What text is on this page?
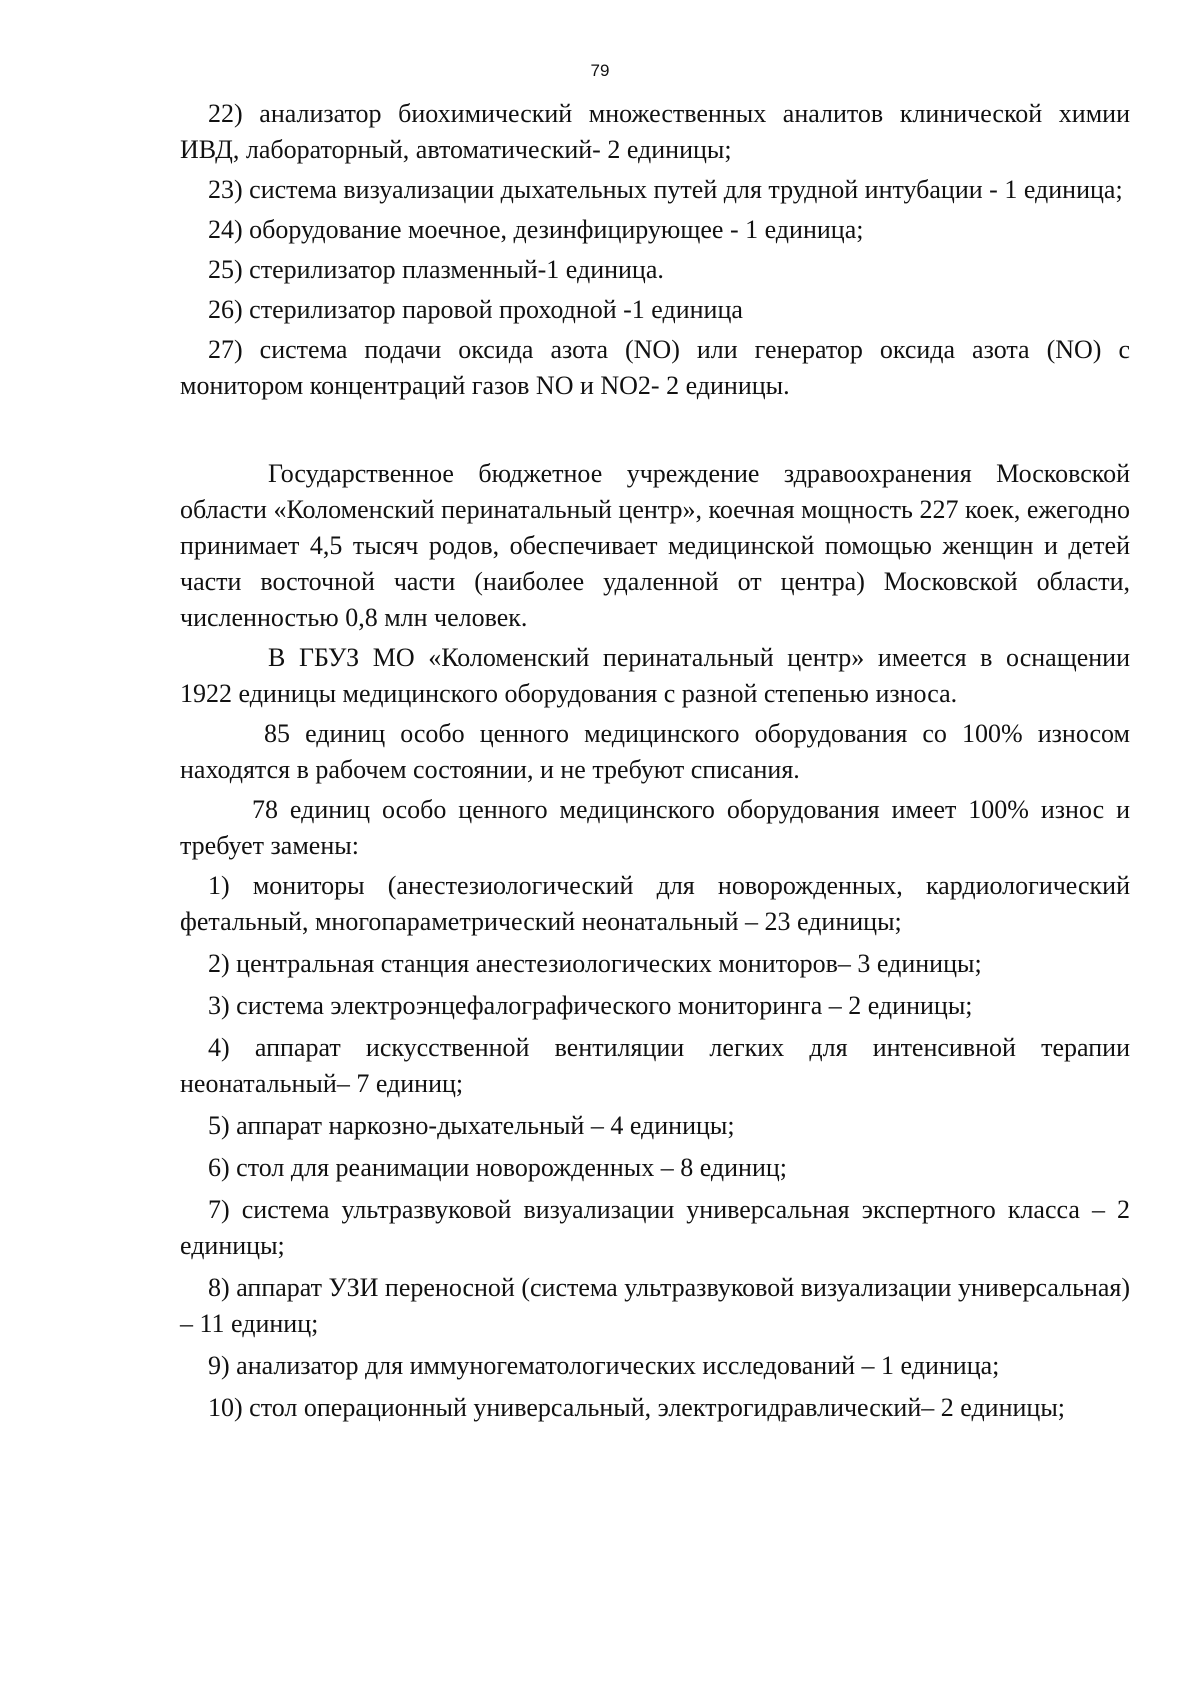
79

22) анализатор биохимический множественных аналитов клинической химии ИВД, лабораторный, автоматический- 2 единицы;

23) система визуализации дыхательных путей для трудной интубации - 1 единица;

24) оборудование моечное, дезинфицирующее - 1 единица;

25) стерилизатор плазменный-1 единица.

26) стерилизатор паровой проходной -1 единица

27) система подачи оксида азота (NO) или генератор оксида азота (NO) с монитором концентраций газов NO и NO2- 2 единицы.

Государственное бюджетное учреждение здравоохранения Московской области «Коломенский перинатальный центр», коечная мощность 227 коек, ежегодно принимает 4,5 тысяч родов, обеспечивает медицинской помощью женщин и детей части восточной части (наиболее удаленной от центра) Московской области, численностью 0,8 млн человек.

В ГБУЗ МО «Коломенский перинатальный центр» имеется в оснащении 1922 единицы медицинского оборудования с разной степенью износа.

85 единиц особо ценного медицинского оборудования со 100% износом находятся в рабочем состоянии, и не требуют списания.

78 единиц особо ценного медицинского оборудования имеет 100% износ и требует замены:

1) мониторы (анестезиологический для новорожденных, кардиологический фетальный, многопараметрический неонатальный – 23 единицы;

2) центральная станция анестезиологических мониторов– 3 единицы;

3) система электроэнцефалографического мониторинга – 2 единицы;

4) аппарат искусственной вентиляции легких для интенсивной терапии неонатальный– 7 единиц;

5) аппарат наркозно-дыхательный – 4 единицы;

6) стол для реанимации новорожденных – 8 единиц;

7) система ультразвуковой визуализации универсальная экспертного класса – 2 единицы;

8) аппарат УЗИ переносной (система ультразвуковой визуализации универсальная) – 11 единиц;

9) анализатор для иммуногематологических исследований – 1 единица;

10) стол операционный универсальный, электрогидравлический– 2 единицы;
